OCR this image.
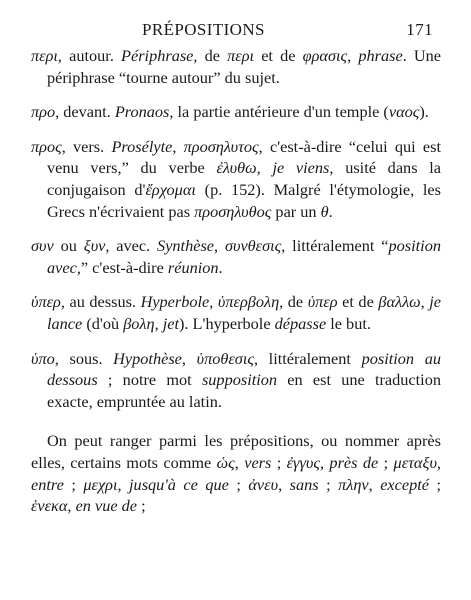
PRÉPOSITIONS	171

περι, autour. Périphrase, de περι et de φρασις, phrase. Une périphrase “tourne autour” du sujet.

προ, devant. Pronaos, la partie antérieure d'un temple (ναος).

προς, vers. Prosélyte, προσηλυτος, c'est-à-dire “celui qui est venu vers,” du verbe ἐλυθω, je viens, usité dans la conjugaison d'ἔρχομαι (p. 152). Malgré l'étymologie, les Grecs n'écrivaient pas προσηλυθος par un θ.

συν ou ξυν, avec. Synthèse, συνθεσις, littéralement “position avec,” c'est-à-dire réunion.

ὑπερ, au dessus. Hyperbole, ὑπερβολη, de ὑπερ et de βαλλω, je lance (d'où βολη, jet). L'hyperbole dépasse le but.

ὑπο, sous. Hypothèse, ὑποθεσις, littéralement position au dessous ; notre mot supposition en est une traduction exacte, empruntée au latin.

On peut ranger parmi les prépositions, ou nommer après elles, certains mots comme ὡς, vers ; ἐγγυς, près de ; μεταξυ, entre ; μεχρι, jusqu'à ce que ; ἀνευ, sans ; πλην, excepté ; ἑνεκα, en vue de ;
